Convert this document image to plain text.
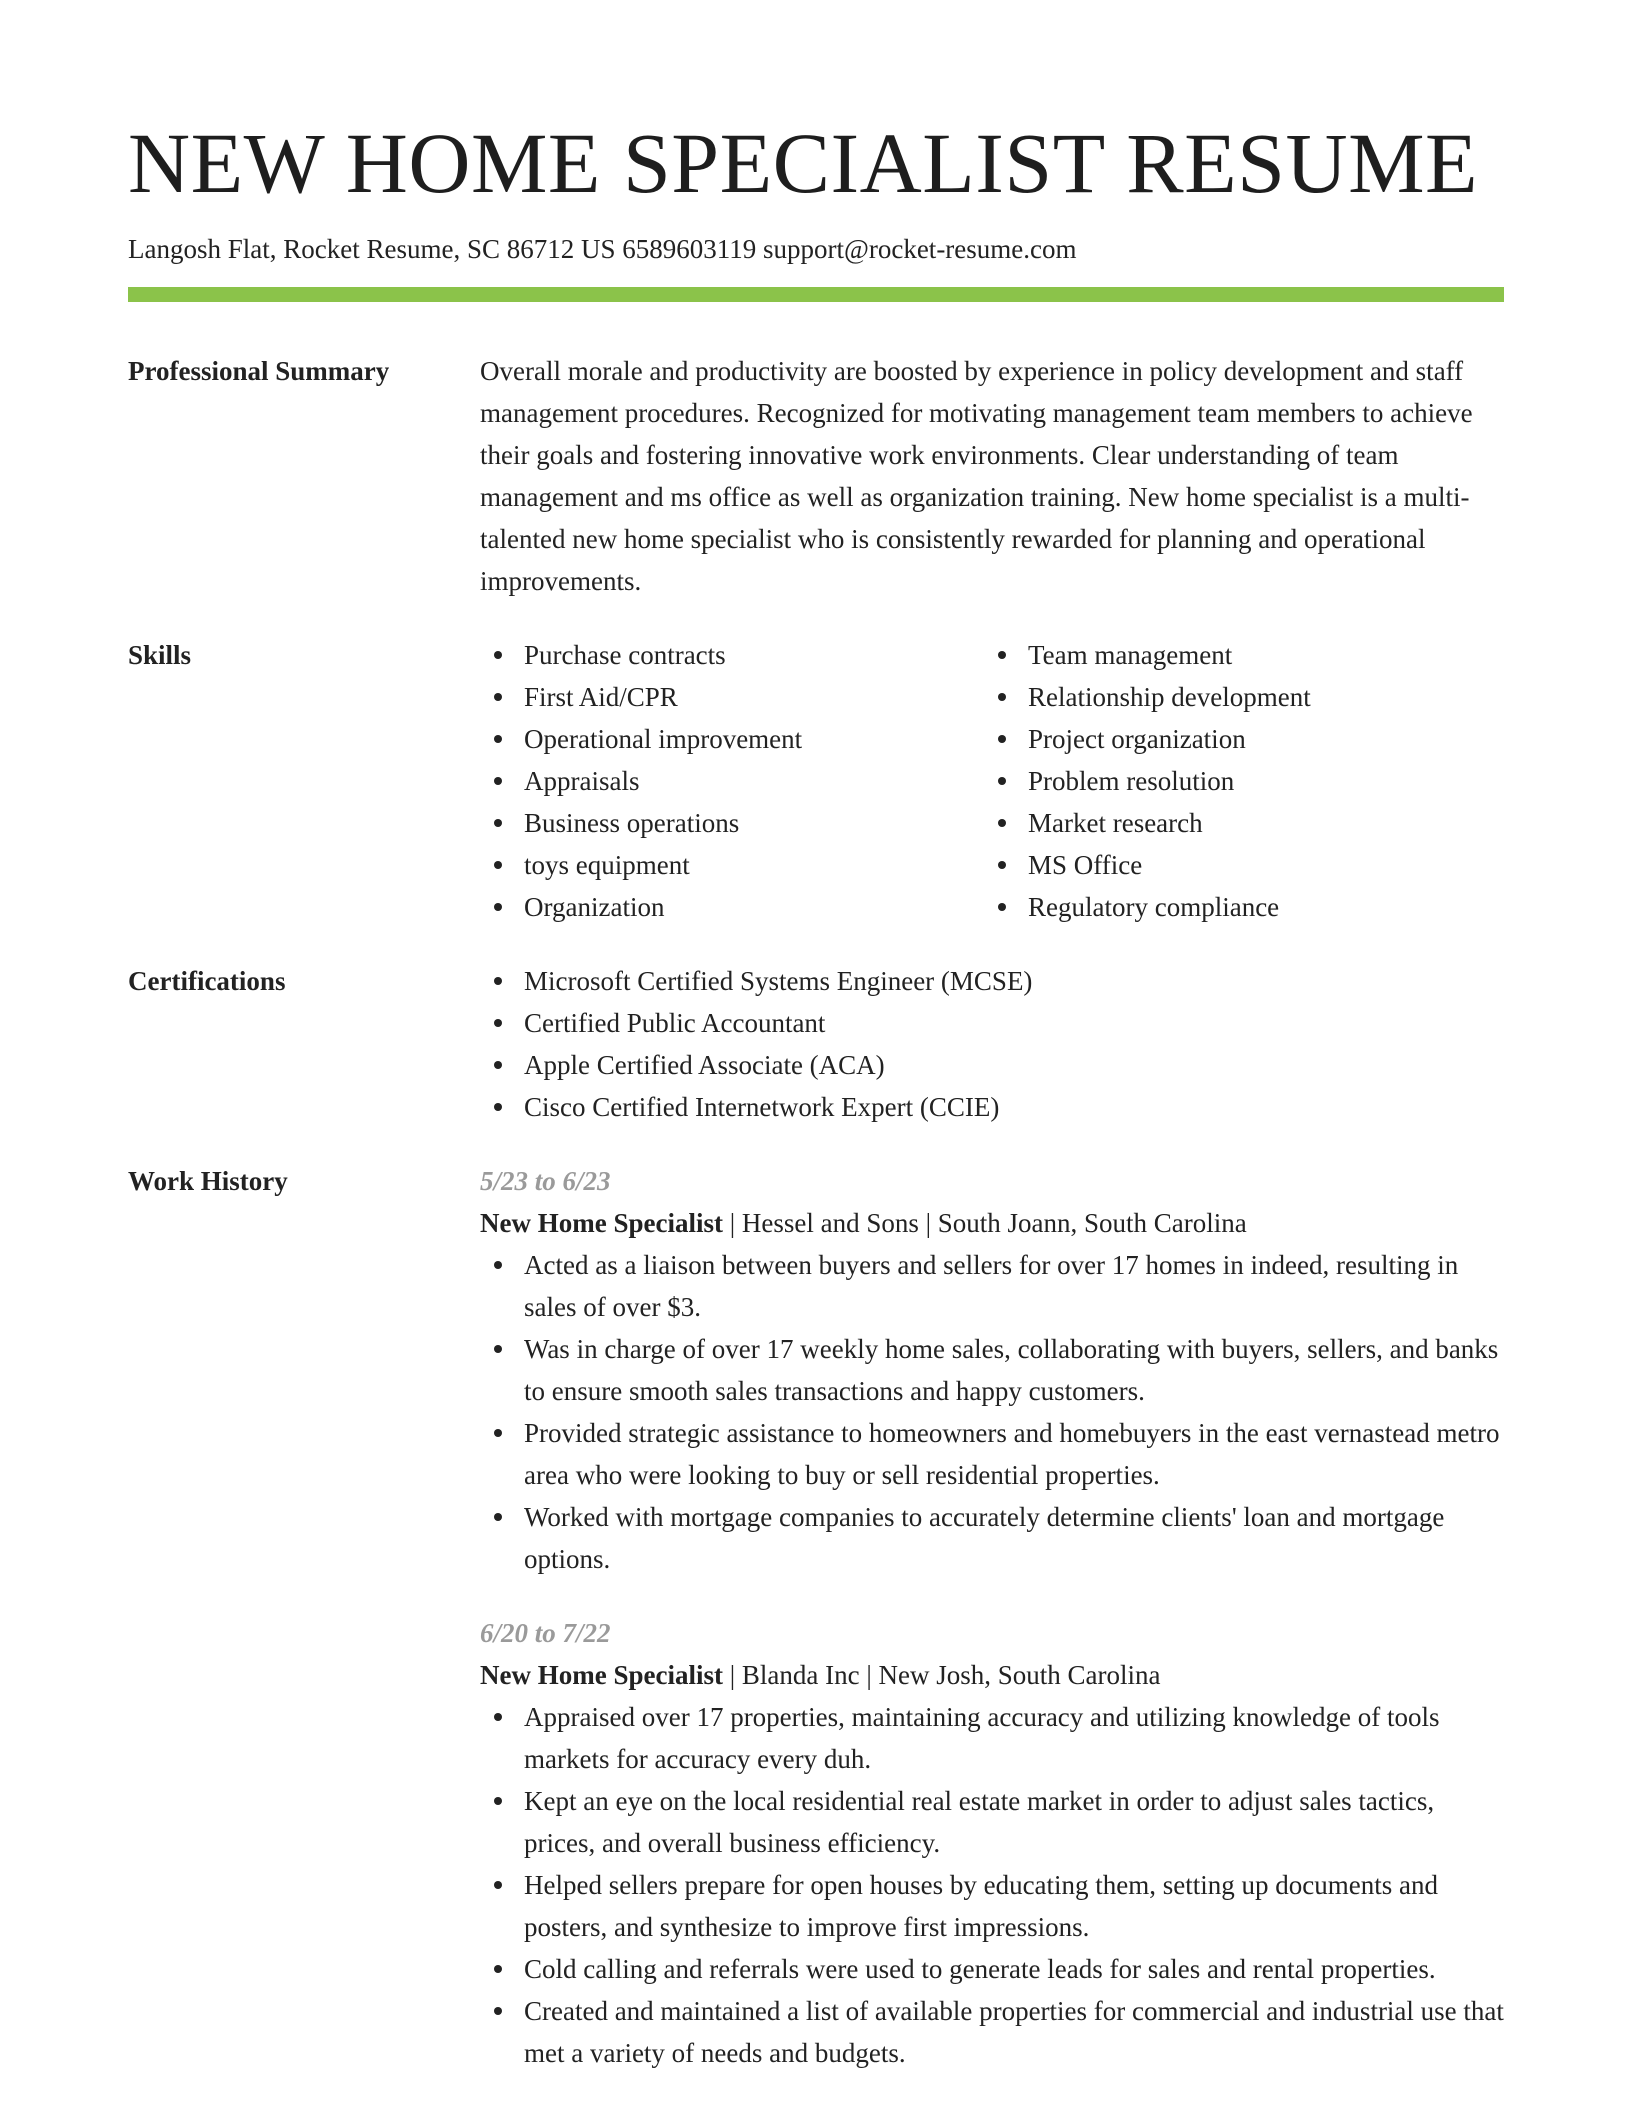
NEW HOME SPECIALIST RESUME
Langosh Flat, Rocket Resume, SC 86712 US 6589603119 support@rocket-resume.com
Professional Summary	Overall morale and productivity are boosted by experience in policy development and staff management procedures. Recognized for motivating management team members to achieve their goals and fostering innovative work environments. Clear understanding of team management and ms office as well as organization training. New home specialist is a multi-talented new home specialist who is consistently rewarded for planning and operational improvements.
Skills	Purchase contracts
First Aid/CPR
Operational improvement
Appraisals
Business operations
toys equipment
Organization
Team management
Relationship development
Project organization
Problem resolution
Market research
MS Office
Regulatory compliance
Certifications	Microsoft Certified Systems Engineer (MCSE)
Certified Public Accountant
Apple Certified Associate (ACA)
Cisco Certified Internetwork Expert (CCIE)
Work History	5/23 to 6/23
New Home Specialist | Hessel and Sons | South Joann, South Carolina
Acted as a liaison between buyers and sellers for over 17 homes in indeed, resulting in sales of over $3.
Was in charge of over 17 weekly home sales, collaborating with buyers, sellers, and banks to ensure smooth sales transactions and happy customers.
Provided strategic assistance to homeowners and homebuyers in the east vernastead metro area who were looking to buy or sell residential properties.
Worked with mortgage companies to accurately determine clients' loan and mortgage options.
6/20 to 7/22
New Home Specialist | Blanda Inc | New Josh, South Carolina
Appraised over 17 properties, maintaining accuracy and utilizing knowledge of tools markets for accuracy every duh.
Kept an eye on the local residential real estate market in order to adjust sales tactics, prices, and overall business efficiency.
Helped sellers prepare for open houses by educating them, setting up documents and posters, and synthesize to improve first impressions.
Cold calling and referrals were used to generate leads for sales and rental properties.
Created and maintained a list of available properties for commercial and industrial use that met a variety of needs and budgets.
